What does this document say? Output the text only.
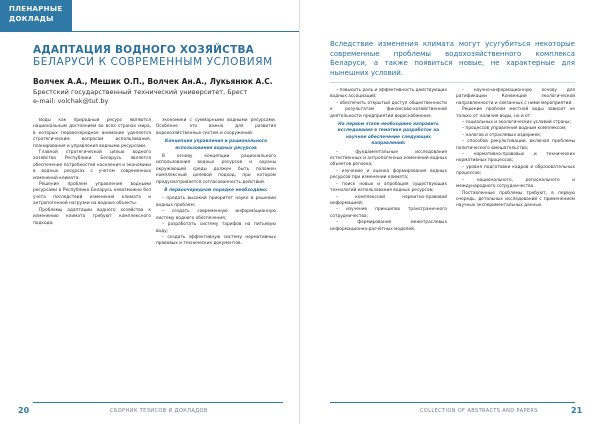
ПЛЕНАРНЫЕ ДОКЛАДЫ
АДАПТАЦИЯ ВОДНОГО ХОЗЯЙСТВА
БЕЛАРУСИ К СОВРЕМЕННЫМ УСЛОВИЯМ
Волчек А.А., Мешик О.П., Волчек Ан.А., Лукьянюк А.С.
Брестский государственный технический университет, Брест
e-mail: volchak@tut.by

Воды как природный ресурс являются национальным достоянием во всех странах мира, в которых первоочередное внимание уделяется стратегическим вопросам использования, планирования и управления водными ресурсами.

Главной стратегической целью водного хозяйства Республики Беларусь является обеспечение потребностей населения и экономики в водных ресурсах с учетом современных изменений климата.

Решение проблем управления водными ресурсами в Республике Беларусь невозможно без учета последствий изменения климата и антропогенной нагрузки на водные объекты.

Проблемы адаптации водного хозяйства к изменению климата требуют комплексного подхода.

экономики с суммарными водными ресурсами. Особенно это важно для развития водохозяйственных систем и сооружений.

Концепция управления и рационального использования водных ресурсов

В основу концепции рационального использования водных ресурсов и охраны окружающей среды должен быть положен комплексный целевой подход, при котором предусматривается согласованность действий.

В первоочередном порядке необходимо:

– предать высокий приоритет науке в решении водных проблем;

– создать современную информационную систему водного обеспечения;

– разработать систему тарифов на питьевую воду;

– создать эффективную систему нормативных правовых и технических документов.

Вследствие изменения климата могут усугубиться некоторые современные проблемы водохозяйственного комплекса Беларуси, а также появиться новые, не характерные для нынешних условий.

– повысить роль и эффективность действующих водных ассоциаций;

– обеспечить открытый доступ общественности к результатам финансово-хозяйственной деятельности предприятий водоснабжения.

На первом этапе необходимо направить исследования в тематике разработок на научное обеспечение следующих направлений:

– фундаментальные исследования естественных и антропогенных изменений водных объектов региона;

– изучение и оценка формирования водных ресурсов при изменении климата;

– поиск новых и апробация существующих технологий использования водных ресурсов;

– комплексной норматно-правовой информацией;

– изучение принципов трансграничного сотрудничества;

– формирование межотраслевых информационно-расчётных моделей.

– научно-информационную основу для ратификации Конвенций экологической направленности и связанных с ними мероприятий.

Решение проблем местной воды зависит не только от наличия воды, но и от:

– социальных и экологических условий страны;

– процессов управления водным комплексом;

– налогов и отраслевых издержек;

– способов рекультивации, включая проблемы политического вмешательства;

– нормативно-правовых и технических нормативных процессов;

– уровня подготовки кадров и образовательных процессов;

– национального, регионального и международного сотрудничества.

Поставленные проблемы требуют, в первую очередь, детальных исследований с применением научных экспериментальных данных.

20	СБОРНИК ТЕЗИСОВ И ДОКЛАДОВ	COLLECTION OF ABSTRACTS AND PAPERS	21
